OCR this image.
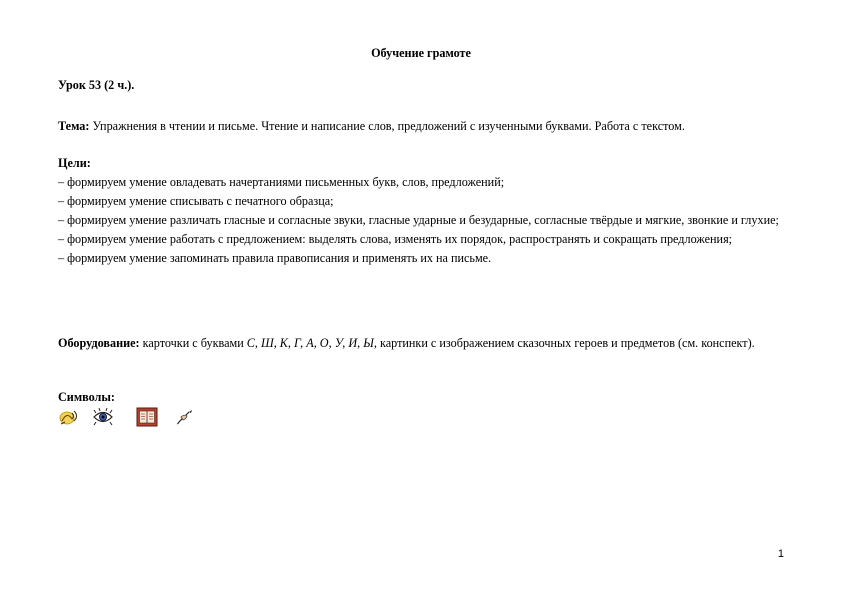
Обучение грамоте
Урок 53 (2 ч.).
Тема: Упражнения в чтении и письме. Чтение и написание слов, предложений с изученными буквами. Работа с текстом.
Цели:
– формируем умение овладевать начертаниями письменных букв, слов, предложений;
– формируем умение списывать с печатного образца;
– формируем умение различать гласные и согласные звуки, гласные ударные и безударные, согласные твёрдые и мягкие, звонкие и глухие;
– формируем умение работать с предложением: выделять слова, изменять их порядок, распространять и сокращать предложения;
– формируем умение запоминать правила правописания и применять их на письме.
Оборудование: карточки с буквами С, Ш, К, Г, А, О, У, И, Ы, картинки с изображением сказочных героев и предметов (см. конспект).
Символы:
1
